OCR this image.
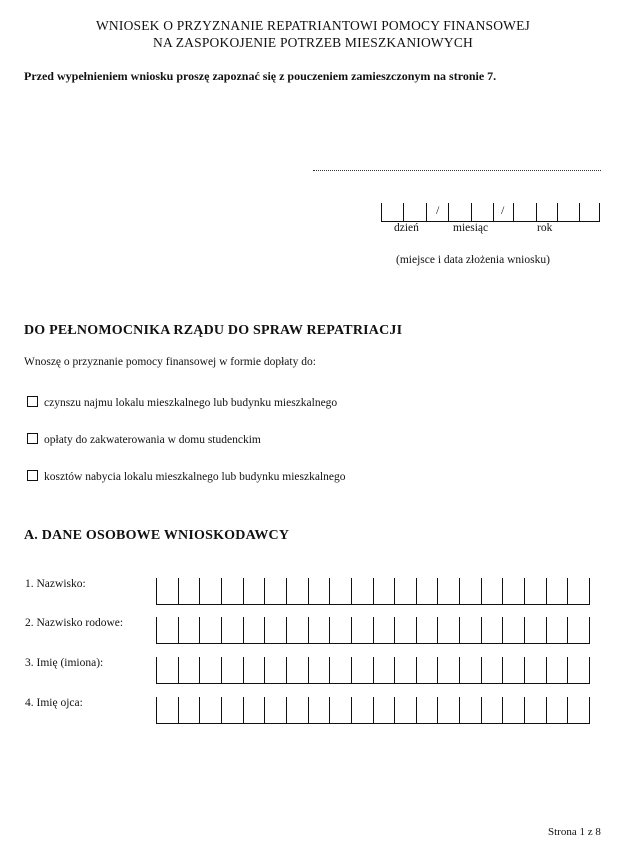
WNIOSEK O PRZYZNANIE REPATRIANTOWI POMOCY FINANSOWEJ
NA ZASPOKOJENIE POTRZEB MIESZKANIOWYCH
Przed wypełnieniem wniosku proszę zapoznać się z pouczeniem zamieszczonym na stronie 7.
/	/
dzień	miesiąc	rok
(miejsce i data złożenia wniosku)
DO PEŁNOMOCNIKA RZĄDU DO SPRAW REPATRIACJI
Wnoszę o przyznanie pomocy finansowej w formie dopłaty do:
czynszu najmu lokalu mieszkalnego lub budynku mieszkalnego
opłaty do zakwaterowania w domu studenckim
kosztów nabycia lokalu mieszkalnego lub budynku mieszkalnego
A. DANE OSOBOWE WNIOSKODAWCY
1. Nazwisko:
2. Nazwisko rodowe:
3. Imię (imiona):
4. Imię ojca:
Strona 1 z 8
